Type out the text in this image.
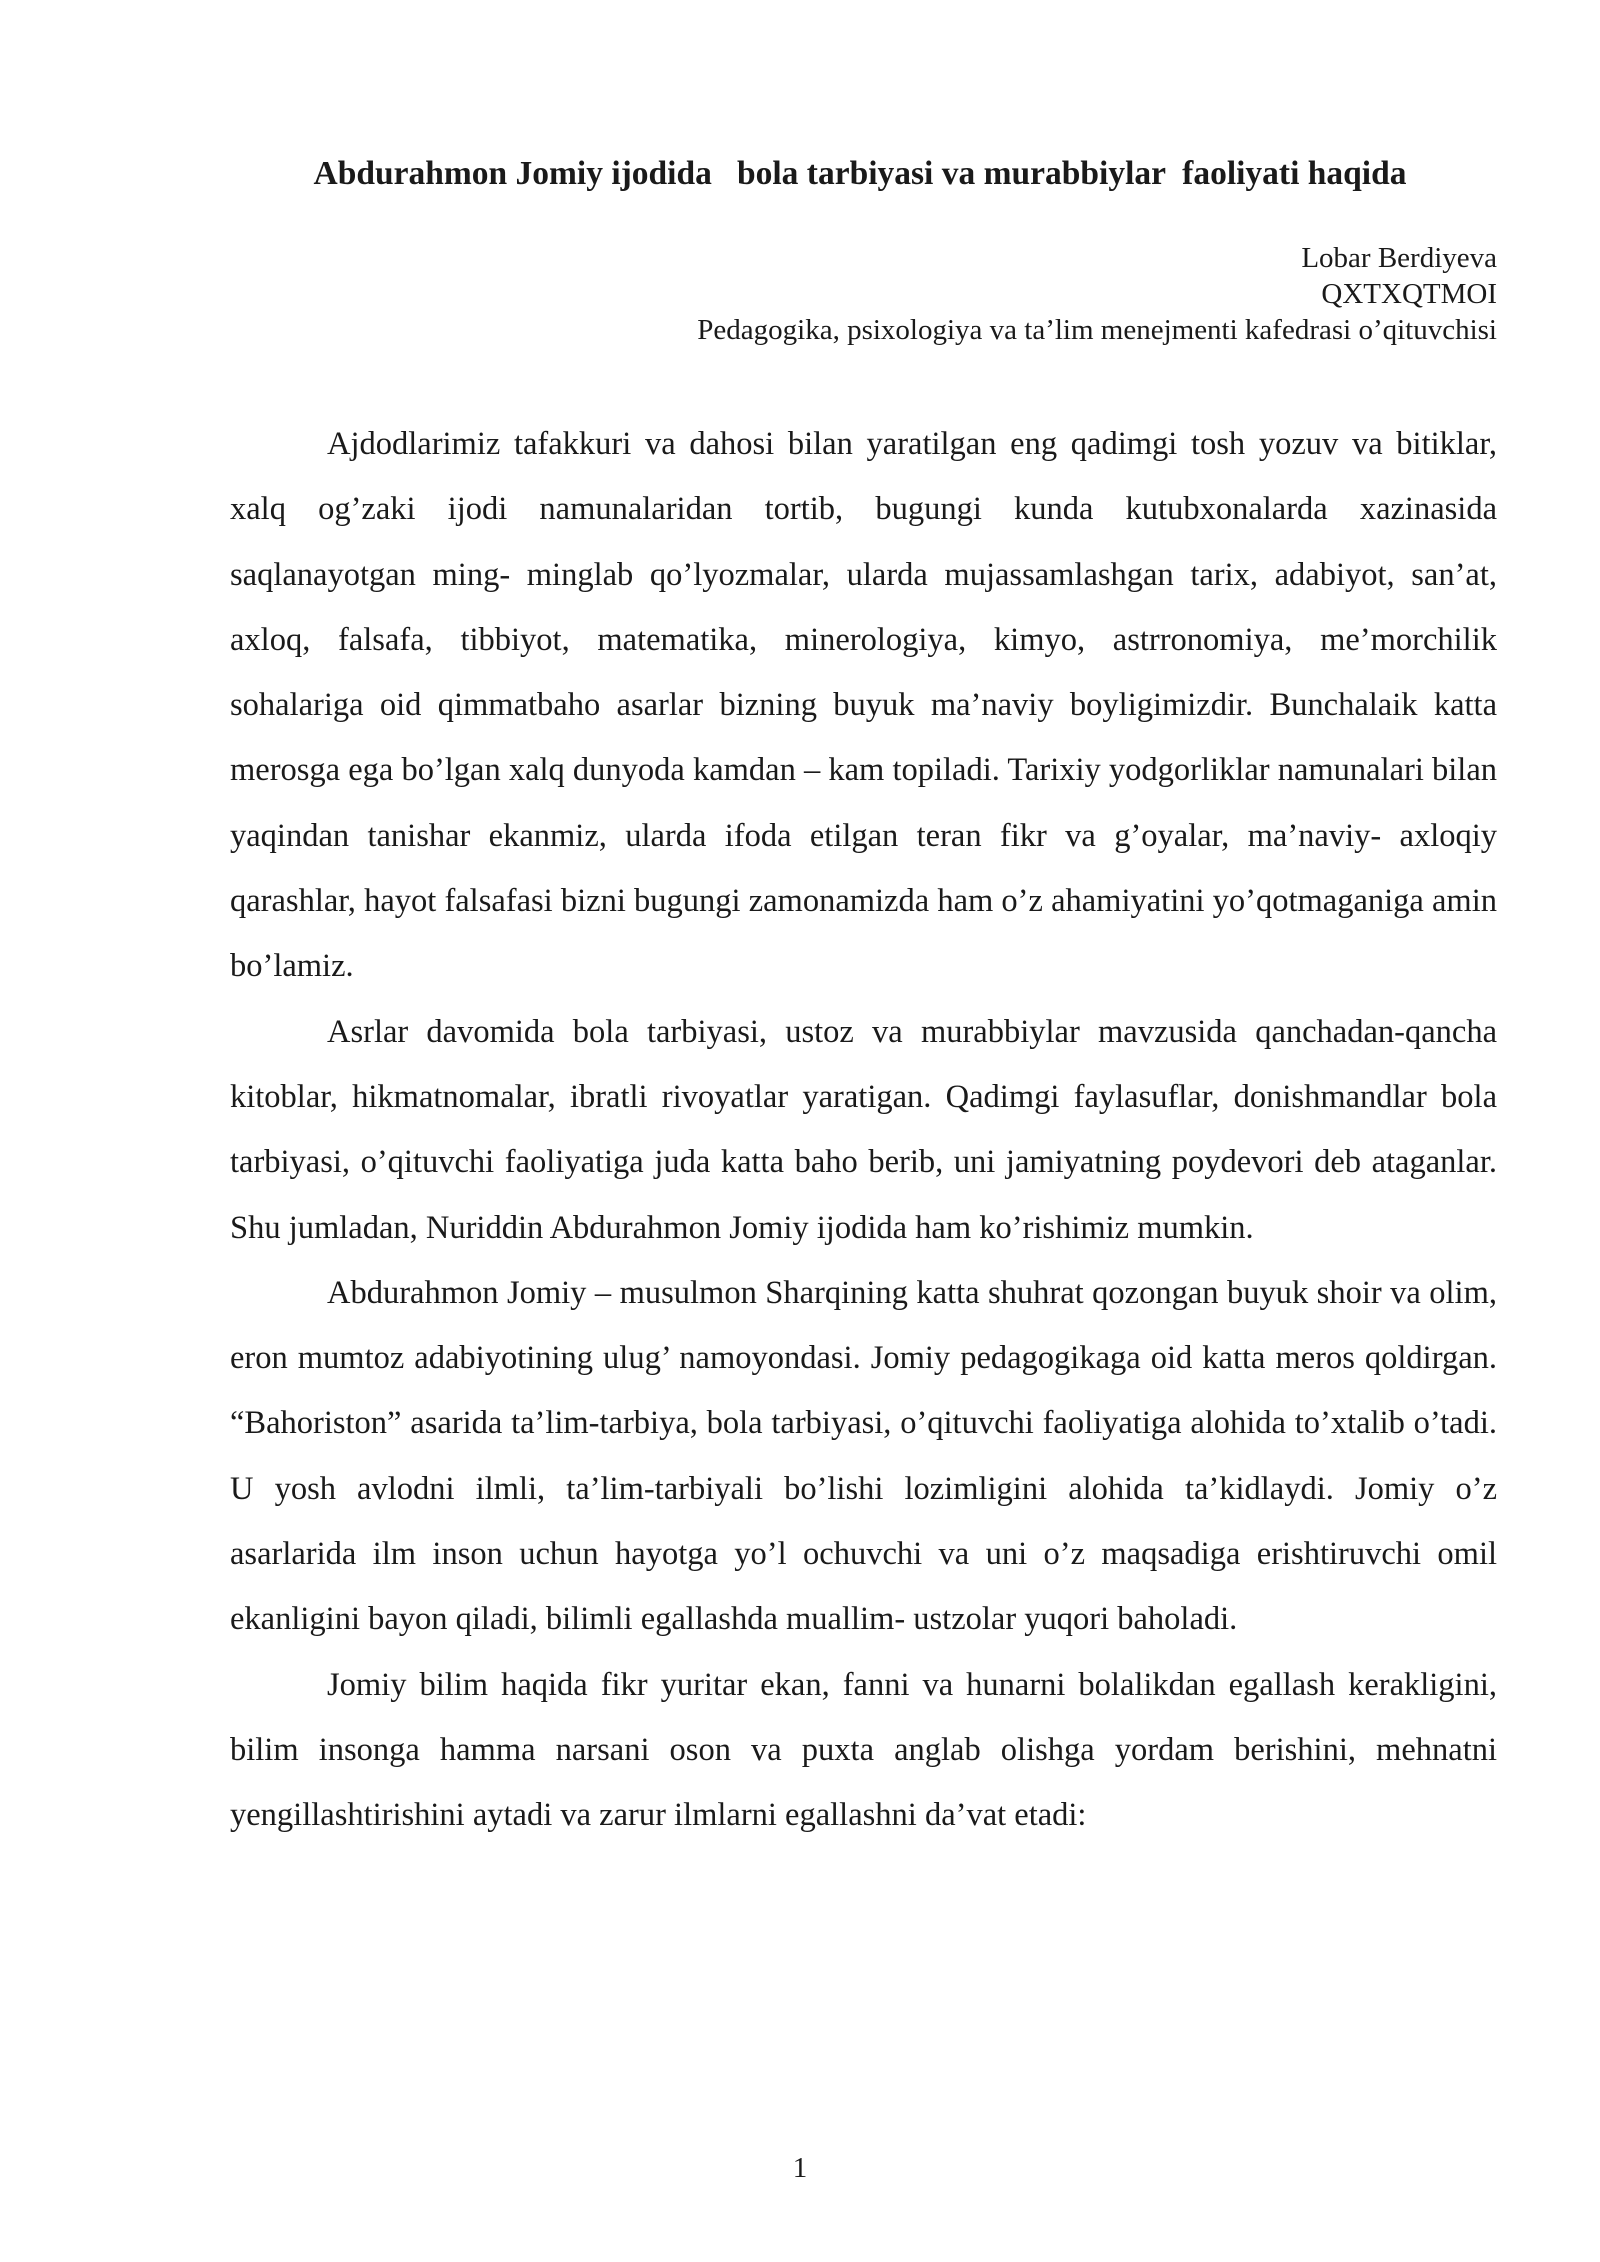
Abdurahmon Jomiy ijodida   bola tarbiyasi va murabbiylar  faoliyati haqida
Lobar Berdiyeva
QXTXQTMOI
Pedagogika, psixologiya va ta’lim menejmenti kafedrasi o’qituvchisi

Ajdodlarimiz tafakkuri va dahosi bilan yaratilgan eng qadimgi tosh yozuv va bitiklar, xalq og’zaki ijodi namunalaridan tortib, bugungi kunda kutubxonalarda xazinasida saqlanayotgan ming- minglab qo’lyozmalar, ularda mujassamlashgan tarix, adabiyot, san’at, axloq, falsafa, tibbiyot, matematika, minerologiya, kimyo, astrronomiya, me’morchilik sohalariga oid qimmatbaho asarlar bizning buyuk ma’naviy boyligimizdir. Bunchalaik katta merosga ega bo’lgan xalq dunyoda kamdan – kam topiladi. Tarixiy yodgorliklar namunalari bilan yaqindan tanishar ekanmiz, ularda ifoda etilgan teran fikr va g’oyalar, ma’naviy- axloqiy qarashlar, hayot falsafasi bizni bugungi zamonamizda ham o’z ahamiyatini yo’qotmaganiga amin bo’lamiz.

Asrlar davomida bola tarbiyasi, ustoz va murabbiylar mavzusida qanchadan-qancha kitoblar, hikmatnomalar, ibratli rivoyatlar yaratigan. Qadimgi faylasuflar, donishmandlar bola tarbiyasi, o’qituvchi faoliyatiga juda katta baho berib, uni jamiyatning poydevori deb ataganlar. Shu jumladan, Nuriddin Abdurahmon Jomiy ijodida ham ko’rishimiz mumkin.

Abdurahmon Jomiy – musulmon Sharqining katta shuhrat qozongan buyuk shoir va olim, eron mumtoz adabiyotining ulug’ namoyondasi. Jomiy pedagogikaga oid katta meros qoldirgan. “Bahoriston” asarida ta’lim-tarbiya, bola tarbiyasi, o’qituvchi faoliyatiga alohida to’xtalib o’tadi. U yosh avlodni ilmli, ta’lim-tarbiyali bo’lishi lozimligini alohida ta’kidlaydi. Jomiy o’z asarlarida ilm inson uchun hayotga yo’l ochuvchi va uni o’z maqsadiga erishtiruvchi omil ekanligini bayon qiladi, bilimli egallashda muallim- ustzolar yuqori baholadi.

Jomiy bilim haqida fikr yuritar ekan, fanni va hunarni bolalikdan egallash kerakligini, bilim insonga hamma narsani oson va puxta anglab olishga yordam berishini, mehnatni yengillashtirishini aytadi va zarur ilmlarni egallashni da’vat etadi:

1
